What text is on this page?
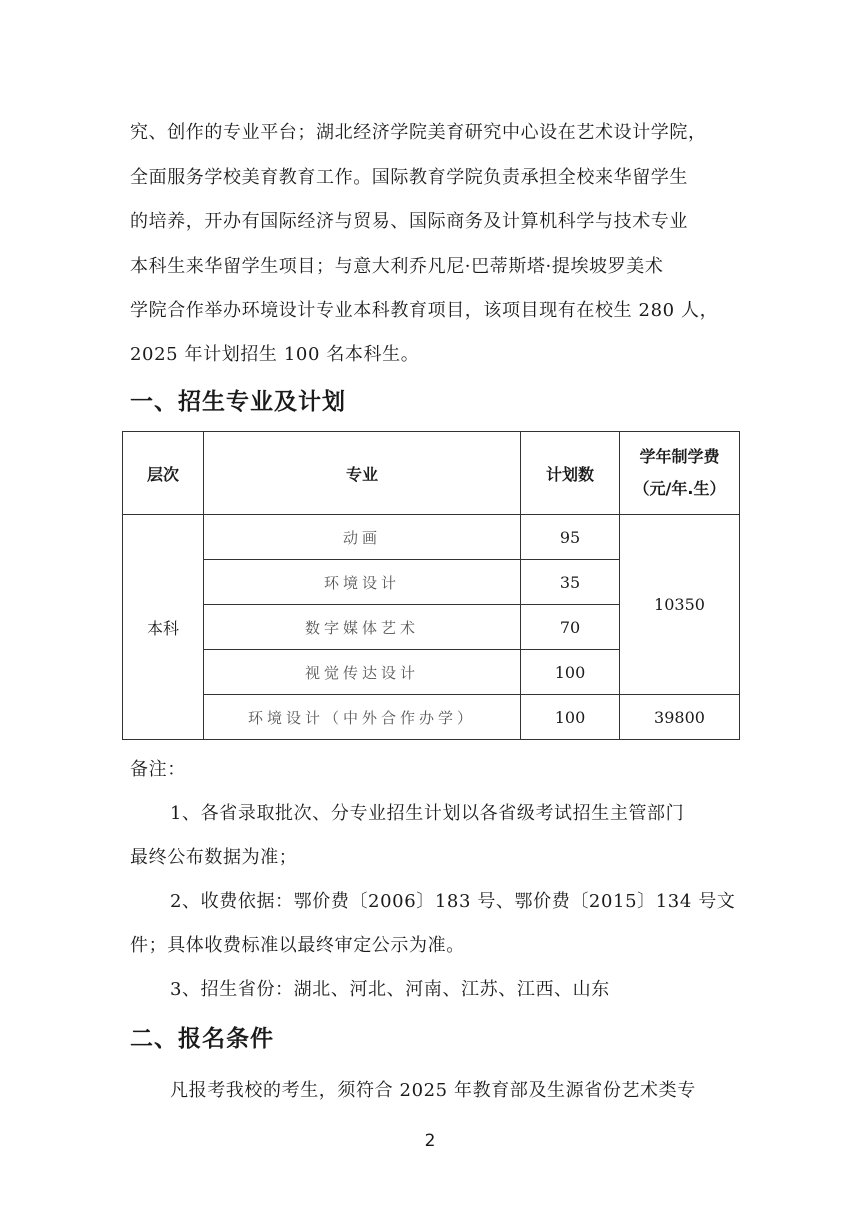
究、创作的专业平台；湖北经济学院美育研究中心设在艺术设计学院，
全面服务学校美育教育工作。国际教育学院负责承担全校来华留学生
的培养，开办有国际经济与贸易、国际商务及计算机科学与技术专业
本科生来华留学生项目；与意大利乔凡尼·巴蒂斯塔·提埃坡罗美术
学院合作举办环境设计专业本科教育项目，该项目现有在校生 280 人，
2025 年计划招生 100 名本科生。
一、招生专业及计划
层次	专业	计划数	学年制学费
（元/年.生）

本科	动画	95	10350
	环境设计	35	
	数字媒体艺术	70	
	视觉传达设计	100	
	环境设计（中外合作办学）	100	39800
备注：
1、各省录取批次、分专业招生计划以各省级考试招生主管部门
最终公布数据为准；
2、收费依据：鄂价费〔2006〕183 号、鄂价费〔2015〕134 号文
件；具体收费标准以最终审定公示为准。
3、招生省份：湖北、河北、河南、江苏、江西、山东
二、报名条件
凡报考我校的考生，须符合 2025 年教育部及生源省份艺术类专
2
